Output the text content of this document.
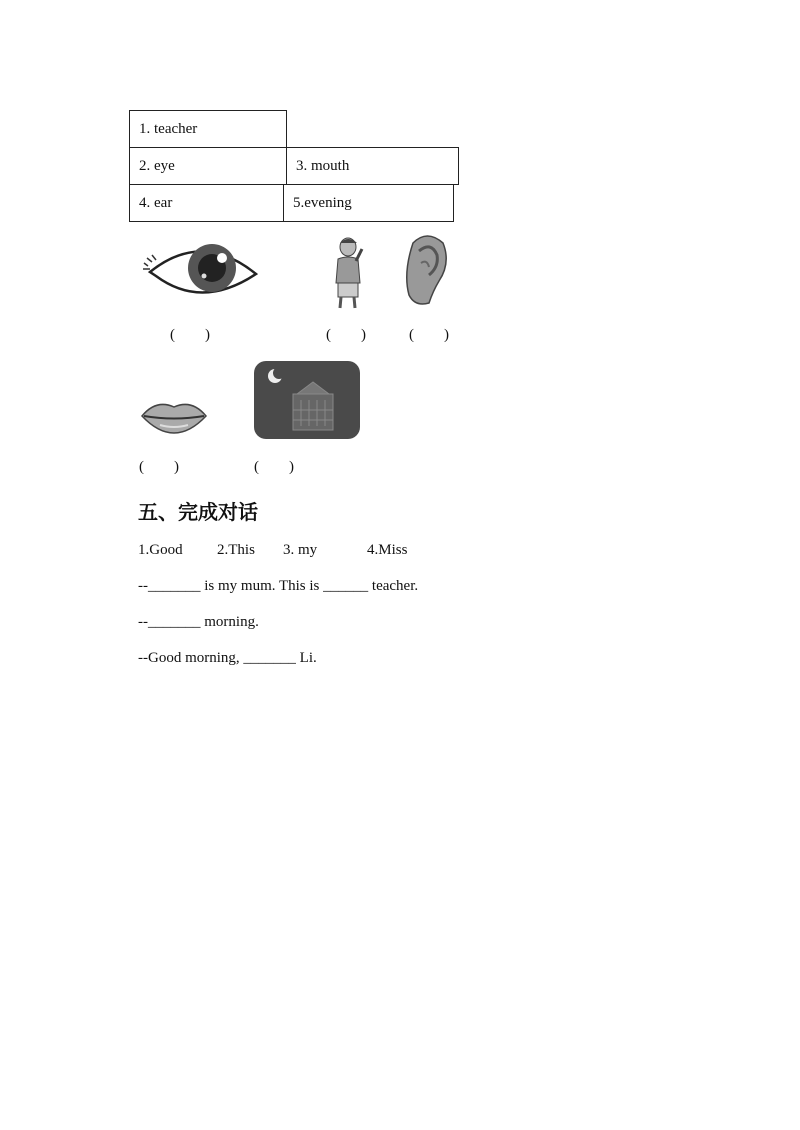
1. teacher
2. eye	3. mouth
4. ear	5.evening
(        )	(        )	(        )
(        )	(        )
五、完成对话
1.Good 2.This 3. my	4.Miss
--_______ is my mum. This is ______ teacher.
--_______ morning.
--Good morning, _______ Li.
